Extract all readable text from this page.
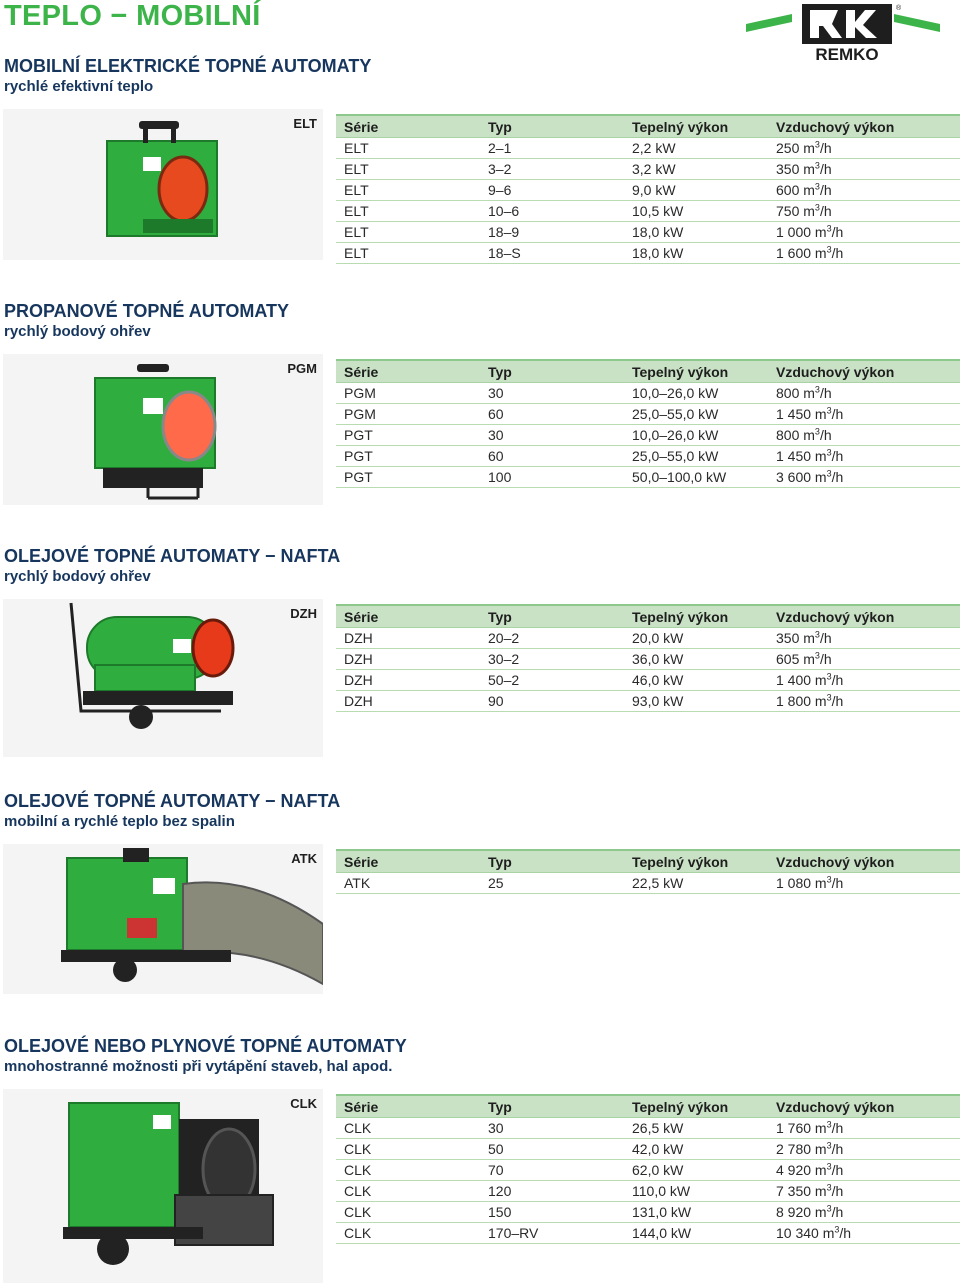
TEPLO − MOBILNÍ
REMKO
®
MOBILNÍ ELEKTRICKÉ TOPNÉ AUTOMATY
rychlé efektivní teplo
ELT Série	Typ	Tepelný výkon	Vzduchový výkon
ELT	2–1	2,2 kW	250 $m^3/h$
ELT	3–2	3,2 kW	350 $m^3/h$
ELT	9–6	9,0 kW	600 $m^3/h$
ELT	10–6	10,5 kW	750 $m^3/h$
ELT	18–9	18,0 kW	1 000 $m^3/h$
ELT	18–S	18,0 kW	1 600 $m^3/h$
PROPANOVÉ TOPNÉ AUTOMATY
rychlý bodový ohřev
PGM Série	Typ	Tepelný výkon	Vzduchový výkon
PGM	30	10,0–26,0 kW	800 $m^3/h$
PGM	60	25,0–55,0 kW	1 450 $m^3/h$
PGT	30	10,0–26,0 kW	800 $m^3/h$
PGT	60	25,0–55,0 kW	1 450 $m^3/h$
PGT	100	50,0–100,0 kW	3 600 $m^3/h$
OLEJOVÉ TOPNÉ AUTOMATY − NAFTA
rychlý bodový ohřev
DZH Série	Typ	Tepelný výkon	Vzduchový výkon
DZH	20–2	20,0 kW	350 $m^3/h$
DZH	30–2	36,0 kW	605 $m^3/h$
DZH	50–2	46,0 kW	1 400 $m^3/h$
DZH	90	93,0 kW	1 800 $m^3/h$
OLEJOVÉ TOPNÉ AUTOMATY − NAFTA
mobilní a rychlé teplo bez spalin
ATK Série	Typ	Tepelný výkon	Vzduchový výkon
ATK	25	22,5 kW	1 080 $m^3/h$
OLEJOVÉ NEBO PLYNOVÉ TOPNÉ AUTOMATY
mnohostranné možnosti při vytápění staveb, hal apod.
CLK Série	Typ	Tepelný výkon	Vzduchový výkon
CLK	30	26,5 kW	1 760 $m^3/h$
CLK	50	42,0 kW	2 780 $m^3/h$
CLK	70	62,0 kW	4 920 $m^3/h$
CLK	120	110,0 kW	7 350 $m^3/h$
CLK	150	131,0 kW	8 920 $m^3/h$
CLK	170–RV	144,0 kW	10 340 $m^3/h$
